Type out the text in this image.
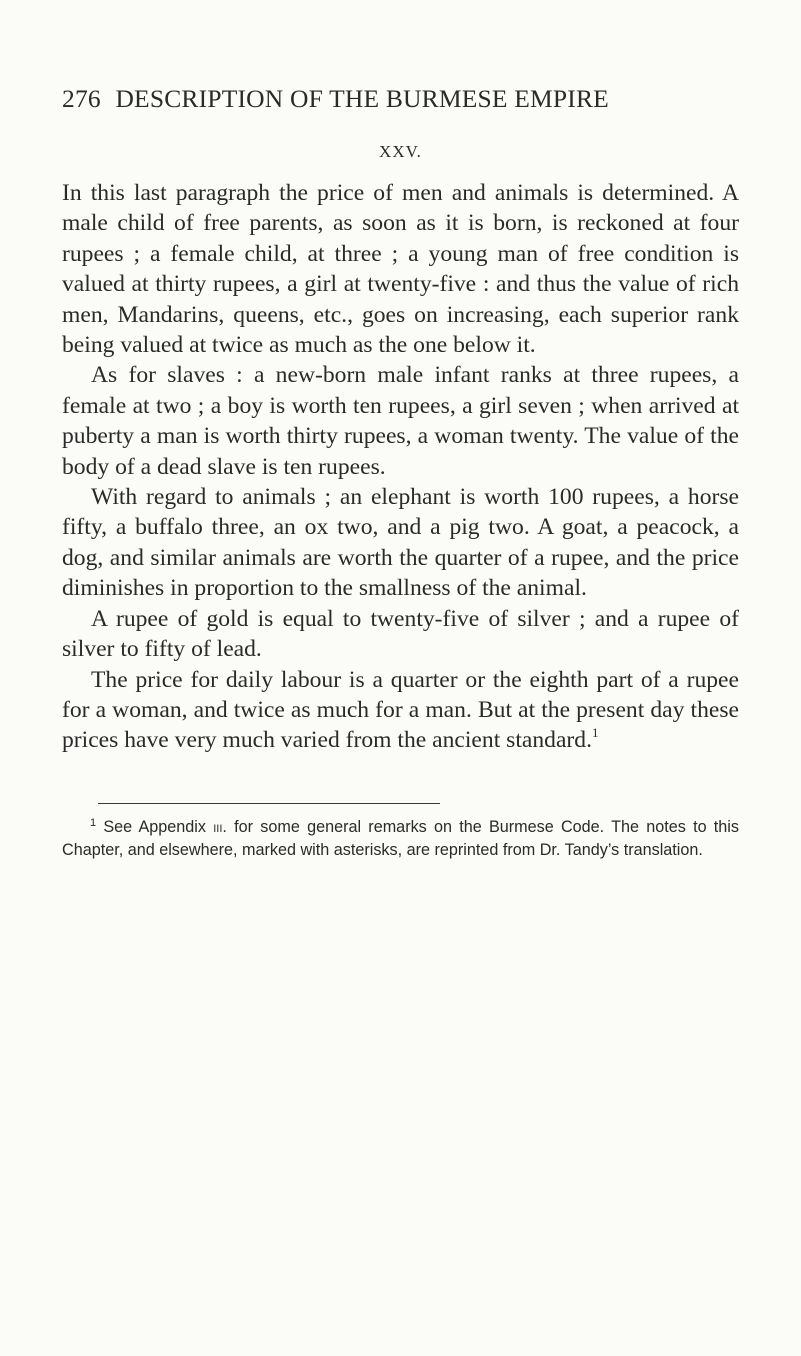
276 DESCRIPTION OF THE BURMESE EMPIRE
XXV.

In this last paragraph the price of men and animals is determined. A male child of free parents, as soon as it is born, is reckoned at four rupees ; a female child, at three ; a young man of free condition is valued at thirty rupees, a girl at twenty-five : and thus the value of rich men, Mandarins, queens, etc., goes on increasing, each superior rank being valued at twice as much as the one below it.

As for slaves : a new-born male infant ranks at three rupees, a female at two ; a boy is worth ten rupees, a girl seven ; when arrived at puberty a man is worth thirty rupees, a woman twenty. The value of the body of a dead slave is ten rupees.

With regard to animals ; an elephant is worth 100 rupees, a horse fifty, a buffalo three, an ox two, and a pig two. A goat, a peacock, a dog, and similar animals are worth the quarter of a rupee, and the price diminishes in proportion to the smallness of the animal.

A rupee of gold is equal to twenty-five of silver ; and a rupee of silver to fifty of lead.

The price for daily labour is a quarter or the eighth part of a rupee for a woman, and twice as much for a man. But at the present day these prices have very much varied from the ancient standard.$^1$

$^1$ See Appendix iii. for some general remarks on the Burmese Code. The notes to this Chapter, and elsewhere, marked with asterisks, are reprinted from Dr. Tandy’s translation.
